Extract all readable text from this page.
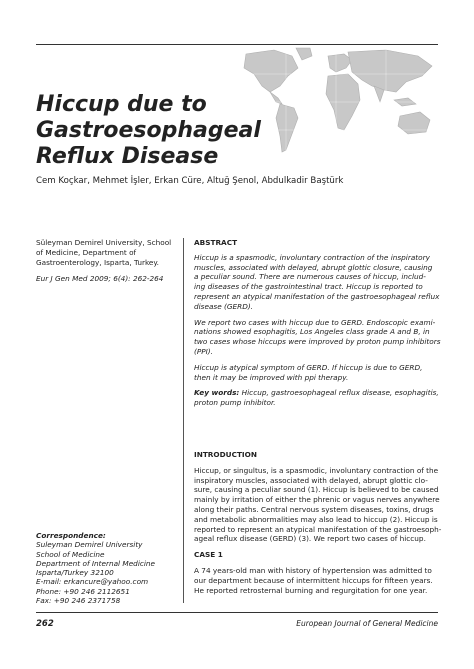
Hiccup due to Gastroesophageal
Reflux Disease
Cem Koçkar, Mehmet İşler, Erkan Cüre, Altuğ Şenol, Abdulkadir Baştürk
Süleyman Demirel University, School
of Medicine, Department of
Gastroenterology, Isparta, Turkey.
Eur J Gen Med 2009; 6(4): 262-264
ABSTRACT

Hiccup is a spasmodic, involuntary contraction of the inspiratory
muscles, associated with delayed, abrupt glottic closure, causing
a peculiar sound. There are numerous causes of hiccup, includ-
ing diseases of the gastrointestinal tract. Hiccup is reported to
represent an atypical manifestation of the gastroesophageal reflux
disease (GERD).

We report two cases with hiccup due to GERD. Endoscopic exami-
nations showed esophagitis, Los Angeles class grade A and B, in
two cases whose hiccups were improved by proton pump inhibitors
(PPI).

Hiccup is atypical symptom of GERD. If hiccup is due to GERD,
then it may be improved with ppi therapy.

Key words: Hiccup, gastroesophageal reflux disease, esophagitis,
proton pump inhibitor.

INTRODUCTION

Hiccup, or singultus, is a spasmodic, involuntary contraction of the
inspiratory muscles, associated with delayed, abrupt glottic clo-
sure, causing a peculiar sound (1). Hiccup is believed to be caused
mainly by irritation of either the phrenic or vagus nerves anywhere
along their paths. Central nervous system diseases, toxins, drugs
and metabolic abnormalities may also lead to hiccup (2). Hiccup is
reported to represent an atypical manifestation of the gastroesoph-
ageal reflux disease (GERD) (3). We report two cases of hiccup.

CASE 1

A 74 years-old man with history of hypertension was admitted to
our department because of intermittent hiccups for fifteen years.
He reported retrosternal burning and regurgitation for one year.

Correspondence:
Suleyman Demirel University
School of Medicine
Department of Internal Medicine
Isparta/Turkey 32100
E-mail: erkancure@yahoo.com
Phone: +90 246 2112651
Fax: +90 246 2371758
262	European Journal of General Medicine
